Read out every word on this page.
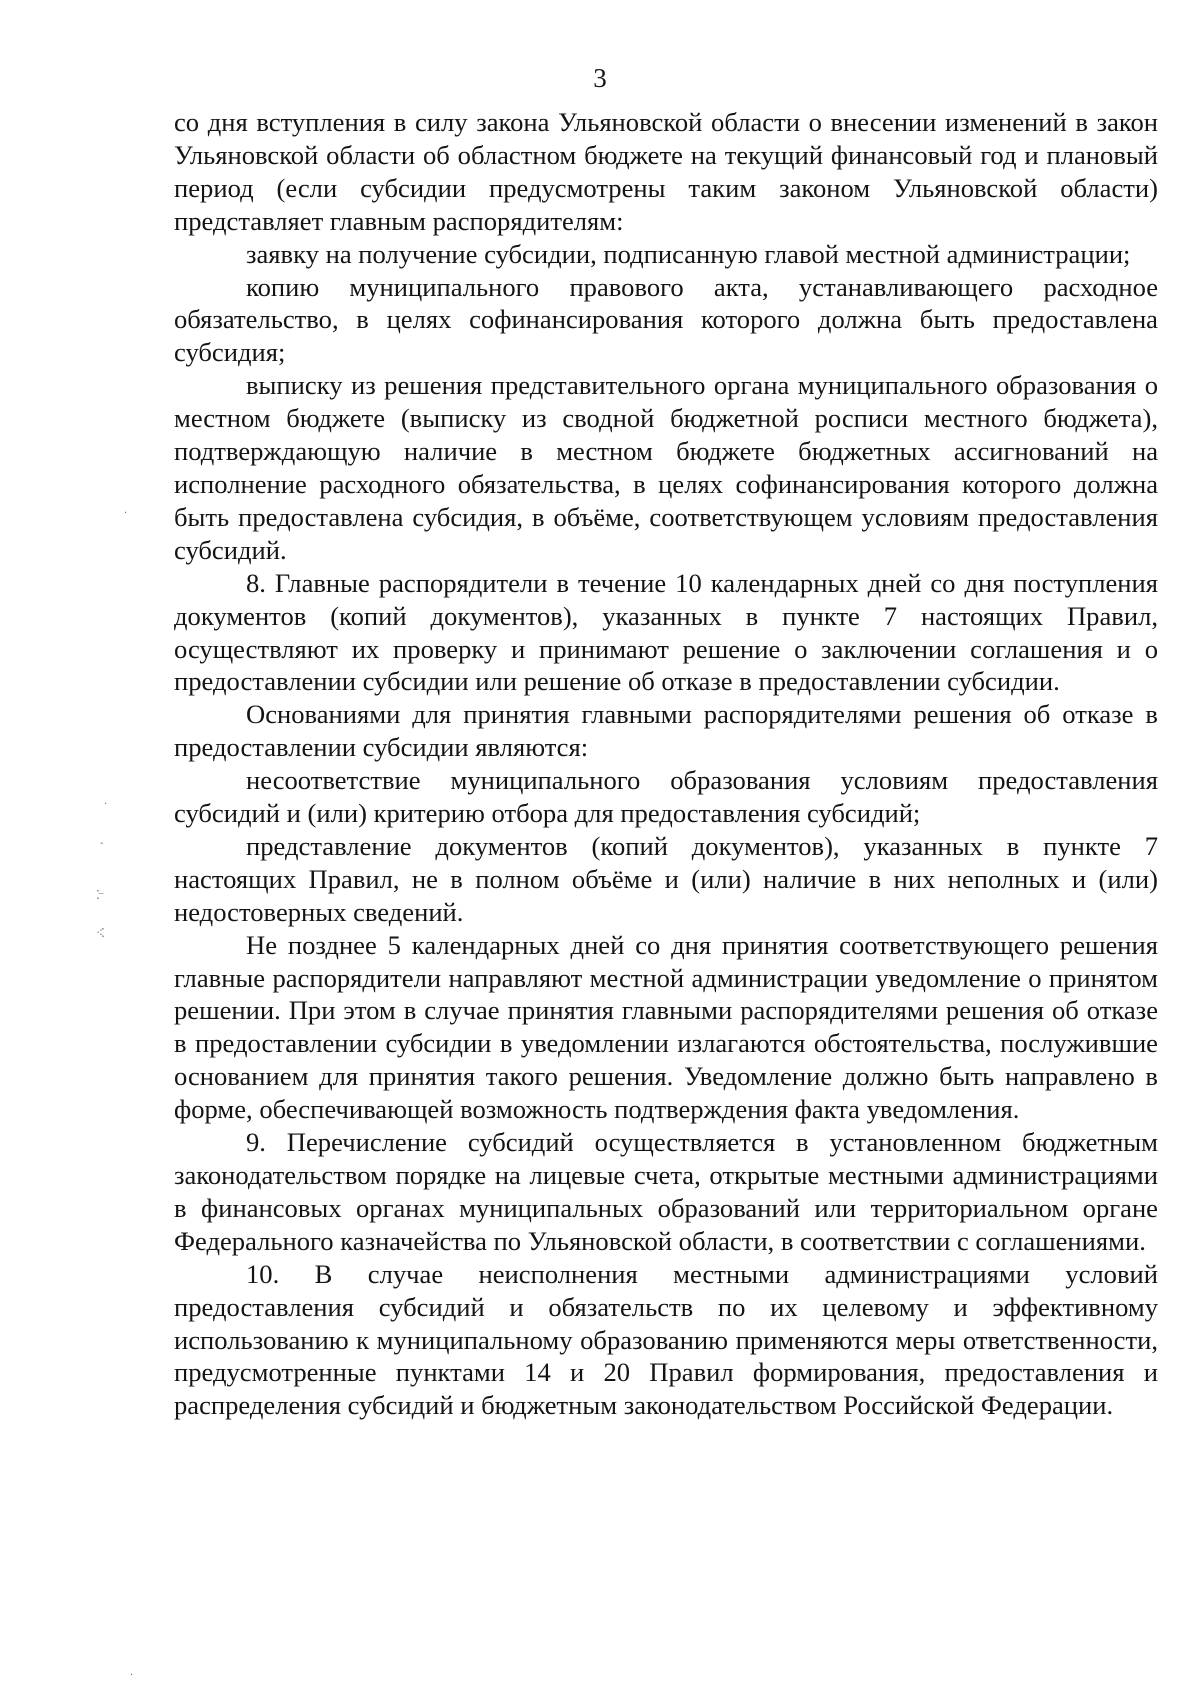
3

со дня вступления в силу закона Ульяновской области о внесении изменений в закон Ульяновской области об областном бюджете на текущий финансовый год и плановый период (если субсидии предусмотрены таким законом Ульяновской области) представляет главным распорядителям:

заявку на получение субсидии, подписанную главой местной администрации;

копию муниципального правового акта, устанавливающего расходное обязательство, в целях софинансирования которого должна быть предоставлена субсидия;

выписку из решения представительного органа муниципального образования о местном бюджете (выписку из сводной бюджетной росписи местного бюджета), подтверждающую наличие в местном бюджете бюджетных ассигнований на исполнение расходного обязательства, в целях софинансирования которого должна быть предоставлена субсидия, в объёме, соответствующем условиям предоставления субсидий.

8. Главные распорядители в течение 10 календарных дней со дня поступления документов (копий документов), указанных в пункте 7 настоящих Правил, осуществляют их проверку и принимают решение о заключении соглашения и о предоставлении субсидии или решение об отказе в предоставлении субсидии.

Основаниями для принятия главными распорядителями решения об отказе в предоставлении субсидии являются:

несоответствие муниципального образования условиям предоставления субсидий и (или) критерию отбора для предоставления субсидий;

представление документов (копий документов), указанных в пункте 7 настоящих Правил, не в полном объёме и (или) наличие в них неполных и (или) недостоверных сведений.

Не позднее 5 календарных дней со дня принятия соответствующего решения главные распорядители направляют местной администрации уведомление о принятом решении. При этом в случае принятия главными распорядителями решения об отказе в предоставлении субсидии в уведомлении излагаются обстоятельства, послужившие основанием для принятия такого решения. Уведомление должно быть направлено в форме, обеспечивающей возможность подтверждения факта уведомления.

9. Перечисление субсидий осуществляется в установленном бюджетным законодательством порядке на лицевые счета, открытые местными администрациями в финансовых органах муниципальных образований или территориальном органе Федерального казначейства по Ульяновской области, в соответствии с соглашениями.

10. В случае неисполнения местными администрациями условий предоставления субсидий и обязательств по их целевому и эффективному использованию к муниципальному образованию применяются меры ответственности, предусмотренные пунктами 14 и 20 Правил формирования, предоставления и распределения субсидий и бюджетным законодательством Российской Федерации.

·
·
-
⁚⁻
⁖⁚
·
